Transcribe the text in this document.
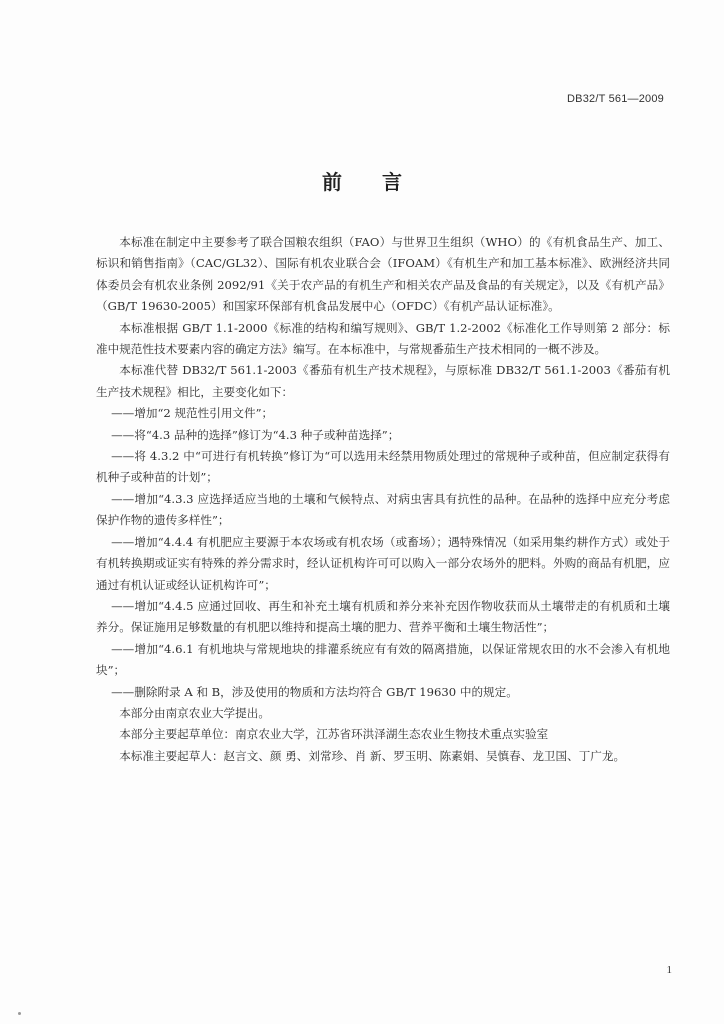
DB32/T 561—2009
前言

本标准在制定中主要参考了联合国粮农组织（FAO）与世界卫生组织（WHO）的《有机食品生产、加工、标识和销售指南》（CAC/GL32）、国际有机农业联合会（IFOAM）《有机生产和加工基本标准》、欧洲经济共同体委员会有机农业条例 2092/91《关于农产品的有机生产和相关农产品及食品的有关规定》，以及《有机产品》（GB/T 19630-2005）和国家环保部有机食品发展中心（OFDC）《有机产品认证标准》。

本标准根据 GB/T 1.1-2000《标准的结构和编写规则》、GB/T 1.2-2002《标准化工作导则第 2 部分：标准中规范性技术要素内容的确定方法》编写。在本标准中，与常规番茄生产技术相同的一概不涉及。

本标准代替 DB32/T 561.1-2003《番茄有机生产技术规程》，与原标准 DB32/T 561.1-2003《番茄有机生产技术规程》相比，主要变化如下：

——增加“2 规范性引用文件”；

——将“4.3 品种的选择”修订为“4.3 种子或种苗选择”；

——将 4.3.2 中“可进行有机转换”修订为“可以选用未经禁用物质处理过的常规种子或种苗，但应制定获得有机种子或种苗的计划”；

——增加“4.3.3 应选择适应当地的土壤和气候特点、对病虫害具有抗性的品种。在品种的选择中应充分考虑保护作物的遗传多样性”；

——增加“4.4.4 有机肥应主要源于本农场或有机农场（或畜场）；遇特殊情况（如采用集约耕作方式）或处于有机转换期或证实有特殊的养分需求时，经认证机构许可可以购入一部分农场外的肥料。外购的商品有机肥，应通过有机认证或经认证机构许可”；

——增加“4.4.5 应通过回收、再生和补充土壤有机质和养分来补充因作物收获而从土壤带走的有机质和土壤养分。保证施用足够数量的有机肥以维持和提高土壤的肥力、营养平衡和土壤生物活性”；

——增加“4.6.1 有机地块与常规地块的排灌系统应有有效的隔离措施，以保证常规农田的水不会渗入有机地块”；

——删除附录 A 和 B，涉及使用的物质和方法均符合 GB/T 19630 中的规定。

本部分由南京农业大学提出。

本部分主要起草单位：南京农业大学，江苏省环洪泽湖生态农业生物技术重点实验室

本标准主要起草人：赵言文、颜 勇、刘常珍、肖 新、罗玉明、陈素娟、吴慎春、龙卫国、丁广龙。

1
